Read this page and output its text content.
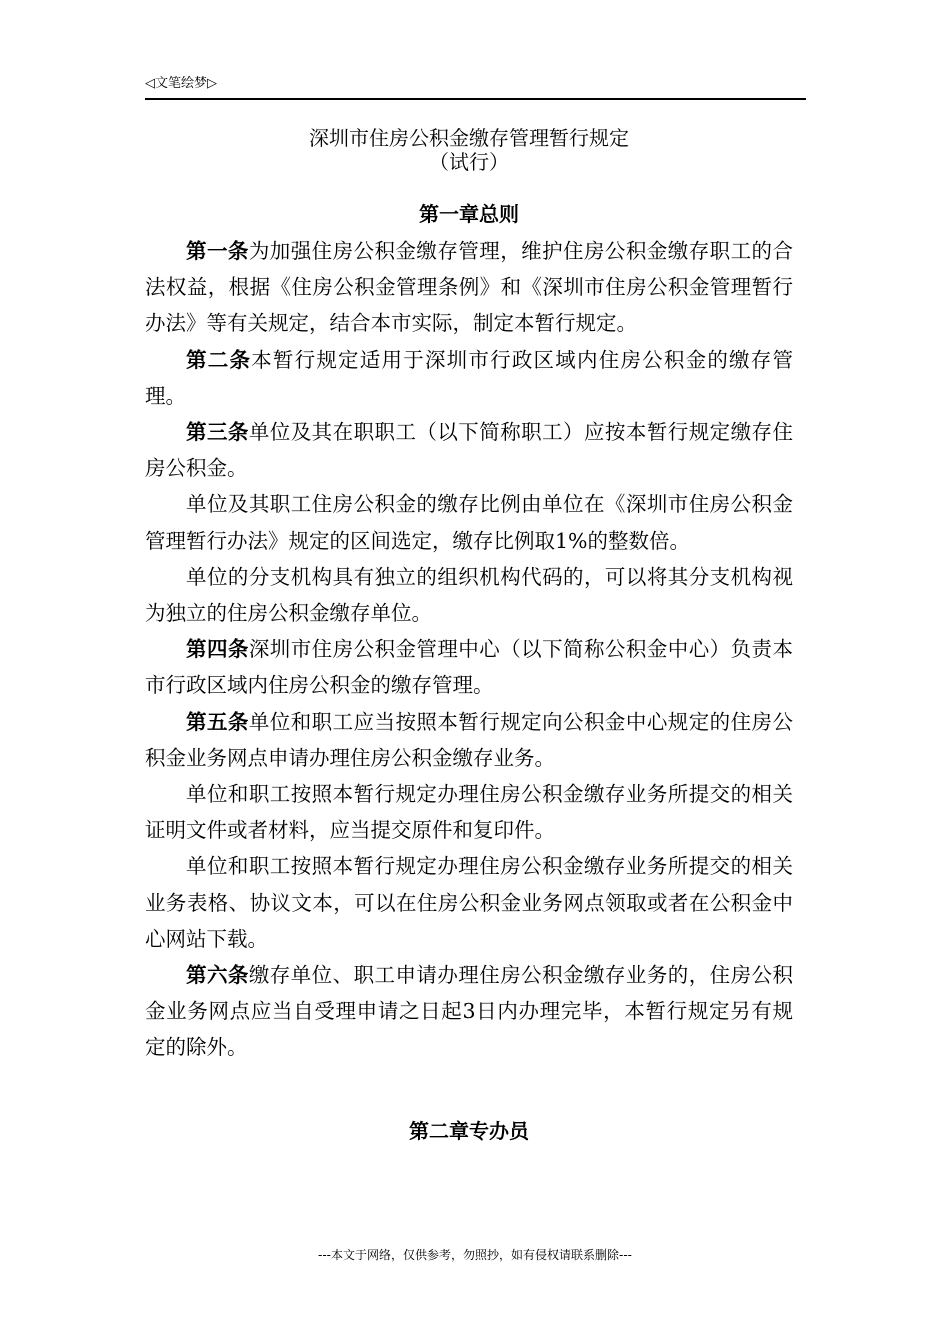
◁文笔绘梦▷
深圳市住房公积金缴存管理暂行规定
（试行）
第一章总则

第一条为加强住房公积金缴存管理，维护住房公积金缴存职工的合法权益，根据《住房公积金管理条例》和《深圳市住房公积金管理暂行办法》等有关规定，结合本市实际，制定本暂行规定。

第二条本暂行规定适用于深圳市行政区域内住房公积金的缴存管理。

第三条单位及其在职职工（以下简称职工）应按本暂行规定缴存住房公积金。

单位及其职工住房公积金的缴存比例由单位在《深圳市住房公积金管理暂行办法》规定的区间选定，缴存比例取1%的整数倍。

单位的分支机构具有独立的组织机构代码的，可以将其分支机构视为独立的住房公积金缴存单位。

第四条深圳市住房公积金管理中心（以下简称公积金中心）负责本市行政区域内住房公积金的缴存管理。

第五条单位和职工应当按照本暂行规定向公积金中心规定的住房公积金业务网点申请办理住房公积金缴存业务。

单位和职工按照本暂行规定办理住房公积金缴存业务所提交的相关证明文件或者材料，应当提交原件和复印件。

单位和职工按照本暂行规定办理住房公积金缴存业务所提交的相关业务表格、协议文本，可以在住房公积金业务网点领取或者在公积金中心网站下载。

第六条缴存单位、职工申请办理住房公积金缴存业务的，住房公积金业务网点应当自受理申请之日起3日内办理完毕，本暂行规定另有规定的除外。

第二章专办员
---本文于网络，仅供参考，勿照抄，如有侵权请联系删除---
